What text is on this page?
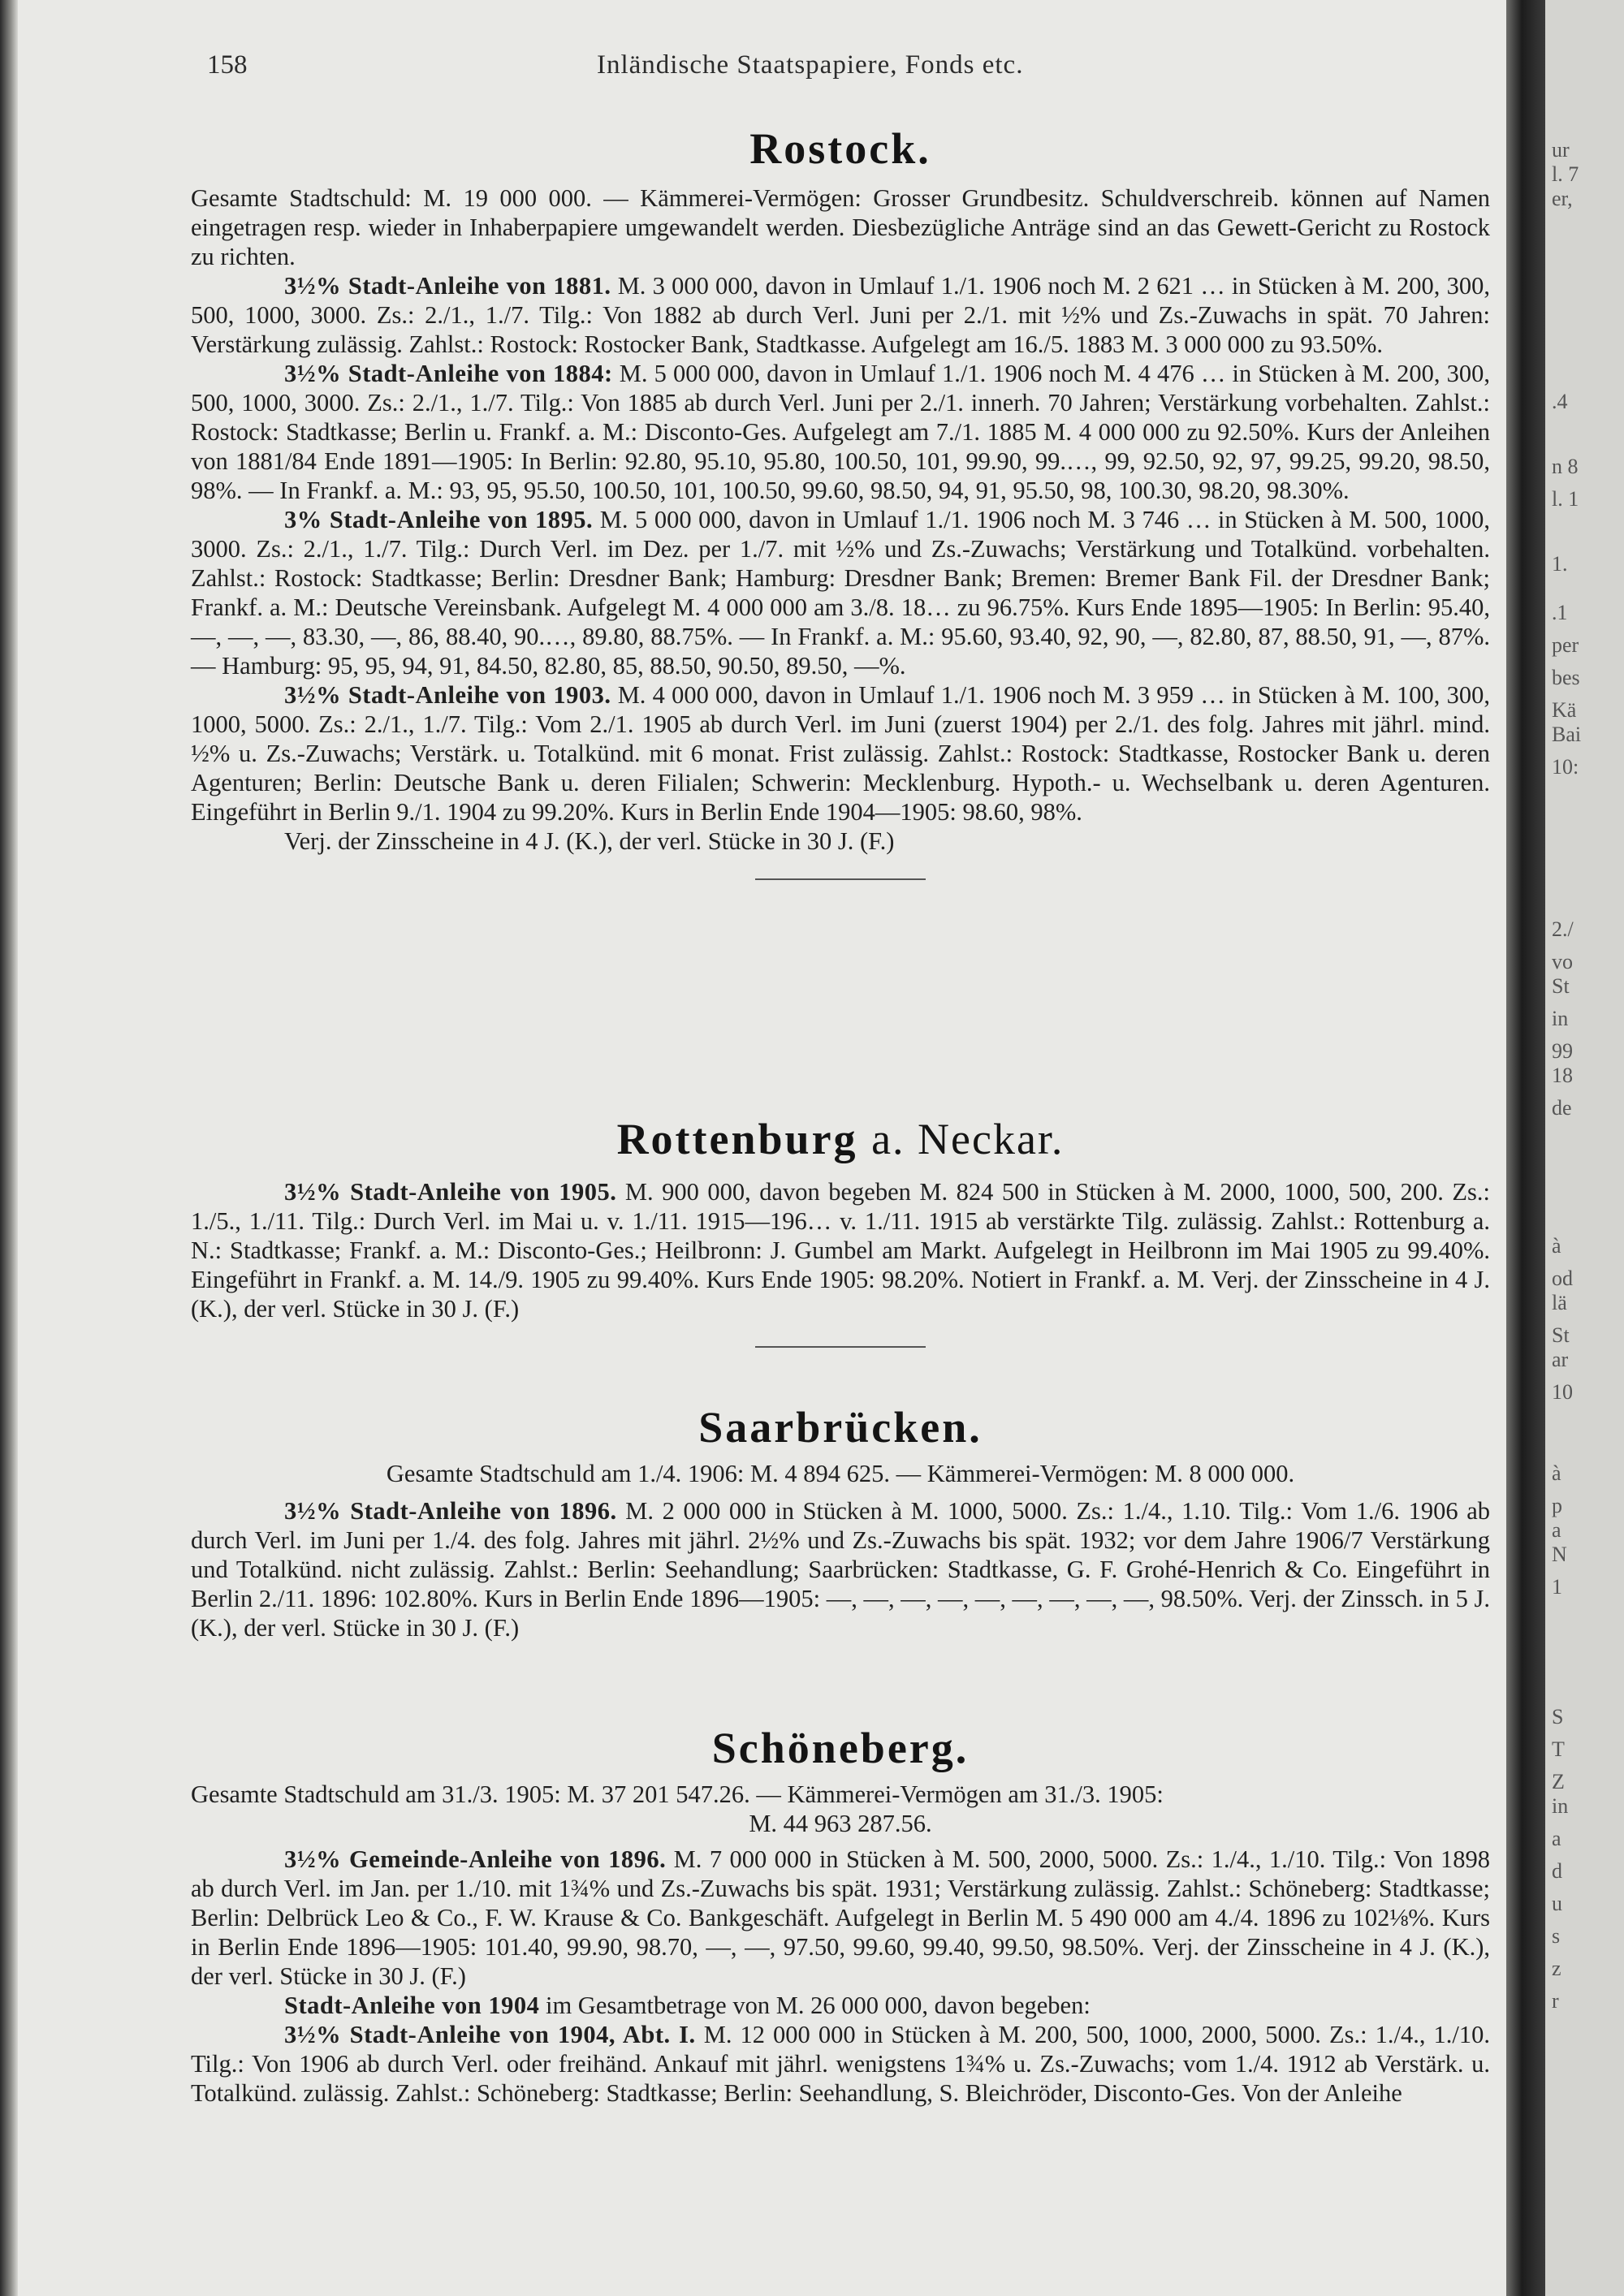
158	Inländische Staatspapiere, Fonds etc.
Rostock.

Gesamte Stadtschuld: M. 19 000 000. — Kämmerei-Vermögen: Grosser Grundbesitz. Schuldverschreib. können auf Namen eingetragen resp. wieder in Inhaberpapiere umgewandelt werden. Diesbezügliche Anträge sind an das Gewett-Gericht zu Rostock zu richten.

3½% Stadt-Anleihe von 1881. M. 3 000 000, davon in Umlauf 1./1. 1906 noch M. 2 621 … in Stücken à M. 200, 300, 500, 1000, 3000. Zs.: 2./1., 1./7. Tilg.: Von 1882 ab durch Verl. Juni per 2./1. mit ½% und Zs.-Zuwachs in spät. 70 Jahren: Verstärkung zulässig. Zahlst.: Rostock: Rostocker Bank, Stadtkasse. Aufgelegt am 16./5. 1883 M. 3 000 000 zu 93.50%.

3½% Stadt-Anleihe von 1884: M. 5 000 000, davon in Umlauf 1./1. 1906 noch M. 4 476 … in Stücken à M. 200, 300, 500, 1000, 3000. Zs.: 2./1., 1./7. Tilg.: Von 1885 ab durch Verl. Juni per 2./1. innerh. 70 Jahren; Verstärkung vorbehalten. Zahlst.: Rostock: Stadtkasse; Berlin u. Frankf. a. M.: Disconto-Ges. Aufgelegt am 7./1. 1885 M. 4 000 000 zu 92.50%. Kurs der Anleihen von 1881/84 Ende 1891—1905: In Berlin: 92.80, 95.10, 95.80, 100.50, 101, 99.90, 99.…, 99, 92.50, 92, 97, 99.25, 99.20, 98.50, 98%. — In Frankf. a. M.: 93, 95, 95.50, 100.50, 101, 100.50, 99.60, 98.50, 94, 91, 95.50, 98, 100.30, 98.20, 98.30%.

3% Stadt-Anleihe von 1895. M. 5 000 000, davon in Umlauf 1./1. 1906 noch M. 3 746 … in Stücken à M. 500, 1000, 3000. Zs.: 2./1., 1./7. Tilg.: Durch Verl. im Dez. per 1./7. mit ½% und Zs.-Zuwachs; Verstärkung und Totalkünd. vorbehalten. Zahlst.: Rostock: Stadtkasse; Berlin: Dresdner Bank; Hamburg: Dresdner Bank; Bremen: Bremer Bank Fil. der Dresdner Bank; Frankf. a. M.: Deutsche Vereinsbank. Aufgelegt M. 4 000 000 am 3./8. 18… zu 96.75%. Kurs Ende 1895—1905: In Berlin: 95.40, —, —, —, 83.30, —, 86, 88.40, 90.…, 89.80, 88.75%. — In Frankf. a. M.: 95.60, 93.40, 92, 90, —, 82.80, 87, 88.50, 91, —, 87%. — Hamburg: 95, 95, 94, 91, 84.50, 82.80, 85, 88.50, 90.50, 89.50, —%.

3½% Stadt-Anleihe von 1903. M. 4 000 000, davon in Umlauf 1./1. 1906 noch M. 3 959 … in Stücken à M. 100, 300, 1000, 5000. Zs.: 2./1., 1./7. Tilg.: Vom 2./1. 1905 ab durch Verl. im Juni (zuerst 1904) per 2./1. des folg. Jahres mit jährl. mind. ½% u. Zs.-Zuwachs; Verstärk. u. Totalkünd. mit 6 monat. Frist zulässig. Zahlst.: Rostock: Stadtkasse, Rostocker Bank u. deren Agenturen; Berlin: Deutsche Bank u. deren Filialen; Schwerin: Mecklenburg. Hypoth.- u. Wechselbank u. deren Agenturen. Eingeführt in Berlin 9./1. 1904 zu 99.20%. Kurs in Berlin Ende 1904—1905: 98.60, 98%.

Verj. der Zinsscheine in 4 J. (K.), der verl. Stücke in 30 J. (F.)

Rottenburg a. Neckar.

3½% Stadt-Anleihe von 1905. M. 900 000, davon begeben M. 824 500 in Stücken à M. 2000, 1000, 500, 200. Zs.: 1./5., 1./11. Tilg.: Durch Verl. im Mai u. v. 1./11. 1915—196… v. 1./11. 1915 ab verstärkte Tilg. zulässig. Zahlst.: Rottenburg a. N.: Stadtkasse; Frankf. a. M.: Disconto-Ges.; Heilbronn: J. Gumbel am Markt. Aufgelegt in Heilbronn im Mai 1905 zu 99.40%. Eingeführt in Frankf. a. M. 14./9. 1905 zu 99.40%. Kurs Ende 1905: 98.20%. Notiert in Frankf. a. M. Verj. der Zinsscheine in 4 J. (K.), der verl. Stücke in 30 J. (F.)

Saarbrücken.

Gesamte Stadtschuld am 1./4. 1906: M. 4 894 625. — Kämmerei-Vermögen: M. 8 000 000.

3½% Stadt-Anleihe von 1896. M. 2 000 000 in Stücken à M. 1000, 5000. Zs.: 1./4., 1.10. Tilg.: Vom 1./6. 1906 ab durch Verl. im Juni per 1./4. des folg. Jahres mit jährl. 2½% und Zs.-Zuwachs bis spät. 1932; vor dem Jahre 1906/7 Verstärkung und Totalkünd. nicht zulässig. Zahlst.: Berlin: Seehandlung; Saarbrücken: Stadtkasse, G. F. Grohé-Henrich & Co. Eingeführt in Berlin 2./11. 1896: 102.80%. Kurs in Berlin Ende 1896—1905: —, —, —, —, —, —, —, —, —, 98.50%. Verj. der Zinssch. in 5 J. (K.), der verl. Stücke in 30 J. (F.)

Schöneberg.

Gesamte Stadtschuld am 31./3. 1905: M. 37 201 547.26. — Kämmerei-Vermögen am 31./3. 1905:

M. 44 963 287.56.

3½% Gemeinde-Anleihe von 1896. M. 7 000 000 in Stücken à M. 500, 2000, 5000. Zs.: 1./4., 1./10. Tilg.: Von 1898 ab durch Verl. im Jan. per 1./10. mit 1¾% und Zs.-Zuwachs bis spät. 1931; Verstärkung zulässig. Zahlst.: Schöneberg: Stadtkasse; Berlin: Delbrück Leo & Co., F. W. Krause & Co. Bankgeschäft. Aufgelegt in Berlin M. 5 490 000 am 4./4. 1896 zu 102⅛%. Kurs in Berlin Ende 1896—1905: 101.40, 99.90, 98.70, —, —, 97.50, 99.60, 99.40, 99.50, 98.50%. Verj. der Zinsscheine in 4 J. (K.), der verl. Stücke in 30 J. (F.)

Stadt-Anleihe von 1904 im Gesamtbetrage von M. 26 000 000, davon begeben:

3½% Stadt-Anleihe von 1904, Abt. I. M. 12 000 000 in Stücken à M. 200, 500, 1000, 2000, 5000. Zs.: 1./4., 1./10. Tilg.: Von 1906 ab durch Verl. oder freihänd. Ankauf mit jährl. wenigstens 1¾% u. Zs.-Zuwachs; vom 1./4. 1912 ab Verstärk. u. Totalkünd. zulässig. Zahlst.: Schöneberg: Stadtkasse; Berlin: Seehandlung, S. Bleichröder, Disconto-Ges. Von der Anleihe

ur
l. 7
er,
.4
n 8
l. 1
1.
.1
per
bes
Kä
Bai
10:
2./
vo
St
in
99
18
de
à
od
lä
St
ar
10
à
p
a
N
1
S
T
Z
in
a
d
u
s
z
r
